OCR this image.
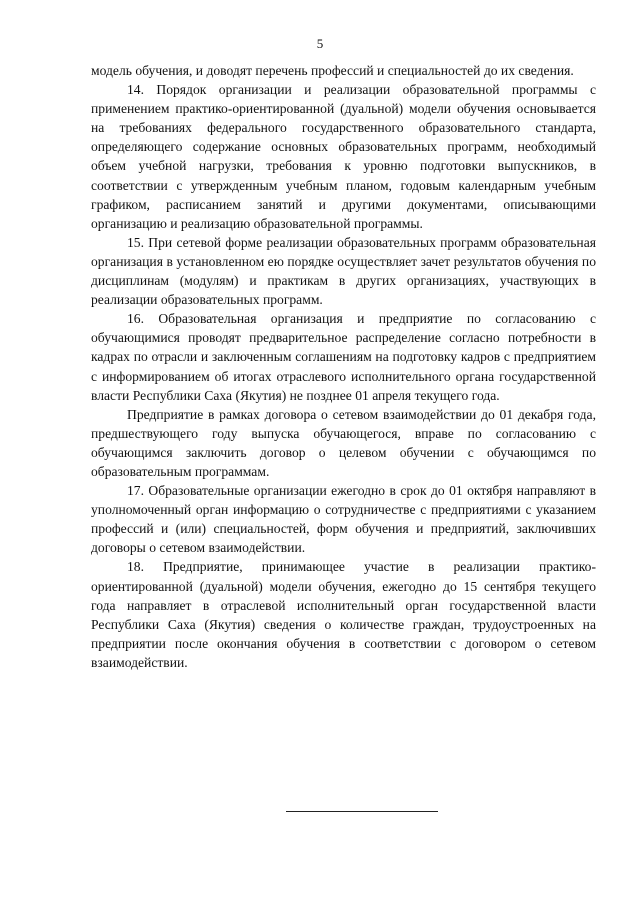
5

модель обучения, и доводят перечень профессий и специальностей до их сведения.

14. Порядок организации и реализации образовательной программы с применением практико-ориентированной (дуальной) модели обучения основывается на требованиях федерального государственного образовательного стандарта, определяющего содержание основных образовательных программ, необходимый объем учебной нагрузки, требования к уровню подготовки выпускников, в соответствии с утвержденным учебным планом, годовым календарным учебным графиком, расписанием занятий и другими документами, описывающими организацию и реализацию образовательной программы.

15. При сетевой форме реализации образовательных программ образовательная организация в установленном ею порядке осуществляет зачет результатов обучения по дисциплинам (модулям) и практикам в других организациях, участвующих в реализации образовательных программ.

16. Образовательная организация и предприятие по согласованию с обучающимися проводят предварительное распределение согласно потребности в кадрах по отрасли и заключенным соглашениям на подготовку кадров с предприятием с информированием об итогах отраслевого исполнительного органа государственной власти Республики Саха (Якутия) не позднее 01 апреля текущего года.

Предприятие в рамках договора о сетевом взаимодействии до 01 декабря года, предшествующего году выпуска обучающегося, вправе по согласованию с обучающимся заключить договор о целевом обучении с обучающимся по образовательным программам.

17. Образовательные организации ежегодно в срок до 01 октября направляют в уполномоченный орган информацию о сотрудничестве с предприятиями с указанием профессий и (или) специальностей, форм обучения и предприятий, заключивших договоры о сетевом взаимодействии.

18. Предприятие, принимающее участие в реализации практико-ориентированной (дуальной) модели обучения, ежегодно до 15 сентября текущего года направляет в отраслевой исполнительный орган государственной власти Республики Саха (Якутия) сведения о количестве граждан, трудоустроенных на предприятии после окончания обучения в соответствии с договором о сетевом взаимодействии.
